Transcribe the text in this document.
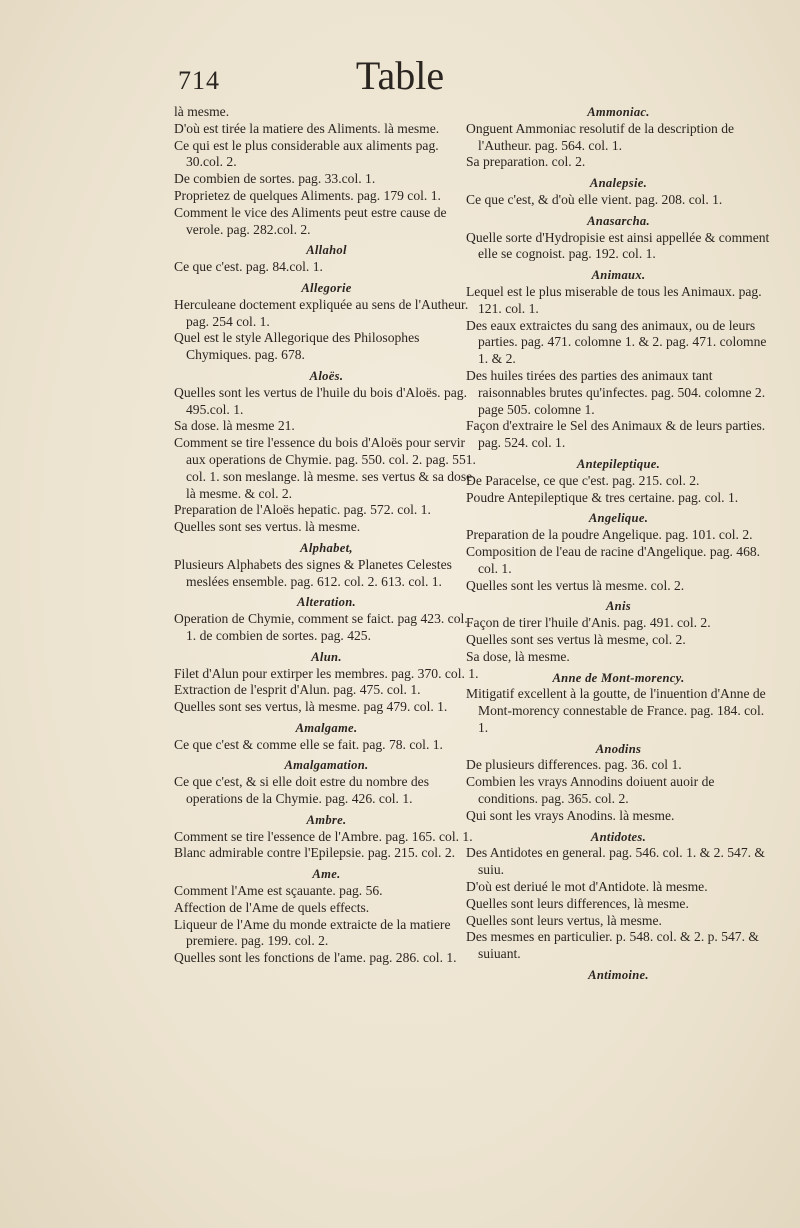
714	Table

là mesme.

D'où est tirée la matiere des Aliments. là mesme.

Ce qui est le plus considerable aux aliments pag. 30.col. 2.

De combien de sortes. pag. 33.col. 1.

Proprietez de quelques Aliments. pag. 179 col. 1.

Comment le vice des Aliments peut estre cause de verole. pag. 282.col. 2.

Allahol

Ce que c'est. pag. 84.col. 1.

Allegorie

Herculeane doctement expliquée au sens de l'Autheur. pag. 254 col. 1.

Quel est le style Allegorique des Philosophes Chymiques. pag. 678.

Aloës.

Quelles sont les vertus de l'huile du bois d'Aloës. pag. 495.col. 1.

Sa dose. là mesme 21.

Comment se tire l'essence du bois d'Aloës pour servir aux operations de Chymie. pag. 550. col. 2. pag. 551. col. 1. son meslange. là mesme. ses vertus & sa dose là mesme. & col. 2.

Preparation de l'Aloës hepatic. pag. 572. col. 1.

Quelles sont ses vertus. là mesme.

Alphabet,

Plusieurs Alphabets des signes & Planetes Celestes meslées ensemble. pag. 612. col. 2. 613. col. 1.

Alteration.

Operation de Chymie, comment se faict. pag 423. col. 1. de combien de sortes. pag. 425.

Alun.

Filet d'Alun pour extirper les membres. pag. 370. col. 1.

Extraction de l'esprit d'Alun. pag. 475. col. 1.

Quelles sont ses vertus, là mesme. pag 479. col. 1.

Amalgame.

Ce que c'est & comme elle se fait. pag. 78. col. 1.

Amalgamation.

Ce que c'est, & si elle doit estre du nombre des operations de la Chymie. pag. 426. col. 1.

Ambre.

Comment se tire l'essence de l'Ambre. pag. 165. col. 1.

Blanc admirable contre l'Epilepsie. pag. 215. col. 2.

Ame.

Comment l'Ame est sçauante. pag. 56.

Affection de l'Ame de quels effects.

Liqueur de l'Ame du monde extraicte de la matiere premiere. pag. 199. col. 2.

Quelles sont les fonctions de l'ame. pag. 286. col. 1.

Ammoniac.

Onguent Ammoniac resolutif de la description de l'Autheur. pag. 564. col. 1.

Sa preparation. col. 2.

Analepsie.

Ce que c'est, & d'où elle vient. pag. 208. col. 1.

Anasarcha.

Quelle sorte d'Hydropisie est ainsi appellée & comment elle se cognoist. pag. 192. col. 1.

Animaux.

Lequel est le plus miserable de tous les Animaux. pag. 121. col. 1.

Des eaux extraictes du sang des animaux, ou de leurs parties. pag. 471. colomne 1. & 2. pag. 471. colomne 1. & 2.

Des huiles tirées des parties des animaux tant raisonnables brutes qu'infectes. pag. 504. colomne 2. page 505. colomne 1.

Façon d'extraire le Sel des Animaux & de leurs parties. pag. 524. col. 1.

Antepileptique.

De Paracelse, ce que c'est. pag. 215. col. 2.

Poudre Antepileptique & tres certaine. pag. col. 1.

Angelique.

Preparation de la poudre Angelique. pag. 101. col. 2.

Composition de l'eau de racine d'Angelique. pag. 468. col. 1.

Quelles sont les vertus là mesme. col. 2.

Anis

Façon de tirer l'huile d'Anis. pag. 491. col. 2.

Quelles sont ses vertus là mesme, col. 2.

Sa dose, là mesme.

Anne de Mont-morency.

Mitigatif excellent à la goutte, de l'inuention d'Anne de Mont-morency connestable de France. pag. 184. col. 1.

Anodins

De plusieurs differences. pag. 36. col 1.

Combien les vrays Annodins doiuent auoir de conditions. pag. 365. col. 2.

Qui sont les vrays Anodins. là mesme.

Antidotes.

Des Antidotes en general. pag. 546. col. 1. & 2. 547. & suiu.

D'où est deriué le mot d'Antidote. là mesme.

Quelles sont leurs differences, là mesme.

Quelles sont leurs vertus, là mesme.

Des mesmes en particulier. p. 548. col. & 2. p. 547. & suiuant.

Antimoine.
